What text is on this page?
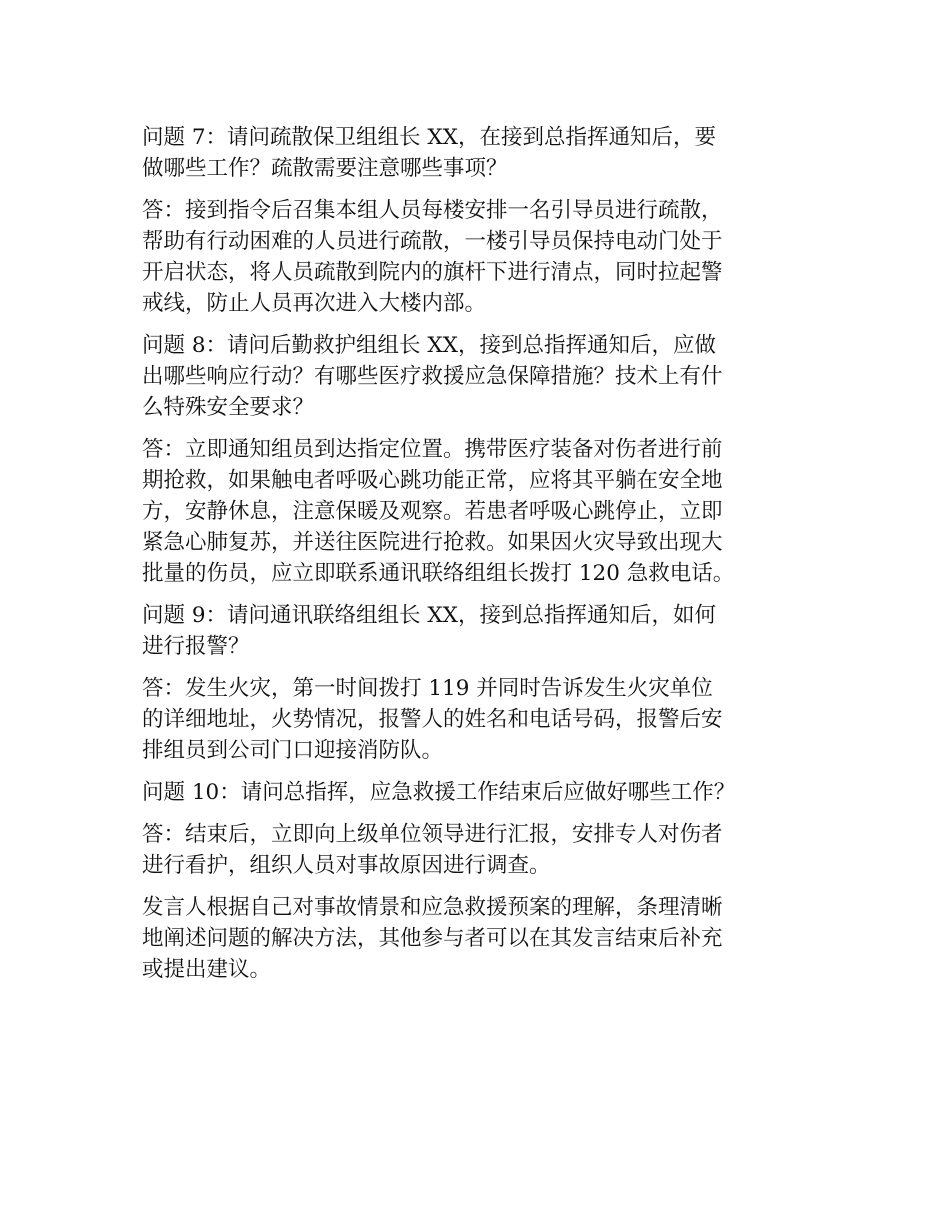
问题 7：请问疏散保卫组组长 XX，在接到总指挥通知后，要
做哪些工作？疏散需要注意哪些事项？

答：接到指令后召集本组人员每楼安排一名引导员进行疏散，
帮助有行动困难的人员进行疏散，一楼引导员保持电动门处于
开启状态，将人员疏散到院内的旗杆下进行清点，同时拉起警
戒线，防止人员再次进入大楼内部。

问题 8：请问后勤救护组组长 XX，接到总指挥通知后，应做
出哪些响应行动？有哪些医疗救援应急保障措施？技术上有什
么特殊安全要求？

答：立即通知组员到达指定位置。携带医疗装备对伤者进行前
期抢救，如果触电者呼吸心跳功能正常，应将其平躺在安全地
方，安静休息，注意保暖及观察。若患者呼吸心跳停止，立即
紧急心肺复苏，并送往医院进行抢救。如果因火灾导致出现大
批量的伤员，应立即联系通讯联络组组长拨打 120 急救电话。

问题 9：请问通讯联络组组长 XX，接到总指挥通知后，如何
进行报警？

答：发生火灾，第一时间拨打 119 并同时告诉发生火灾单位
的详细地址，火势情况，报警人的姓名和电话号码，报警后安
排组员到公司门口迎接消防队。

问题 10：请问总指挥，应急救援工作结束后应做好哪些工作？

答：结束后，立即向上级单位领导进行汇报，安排专人对伤者
进行看护，组织人员对事故原因进行调查。

发言人根据自己对事故情景和应急救援预案的理解，条理清晰
地阐述问题的解决方法，其他参与者可以在其发言结束后补充
或提出建议。
